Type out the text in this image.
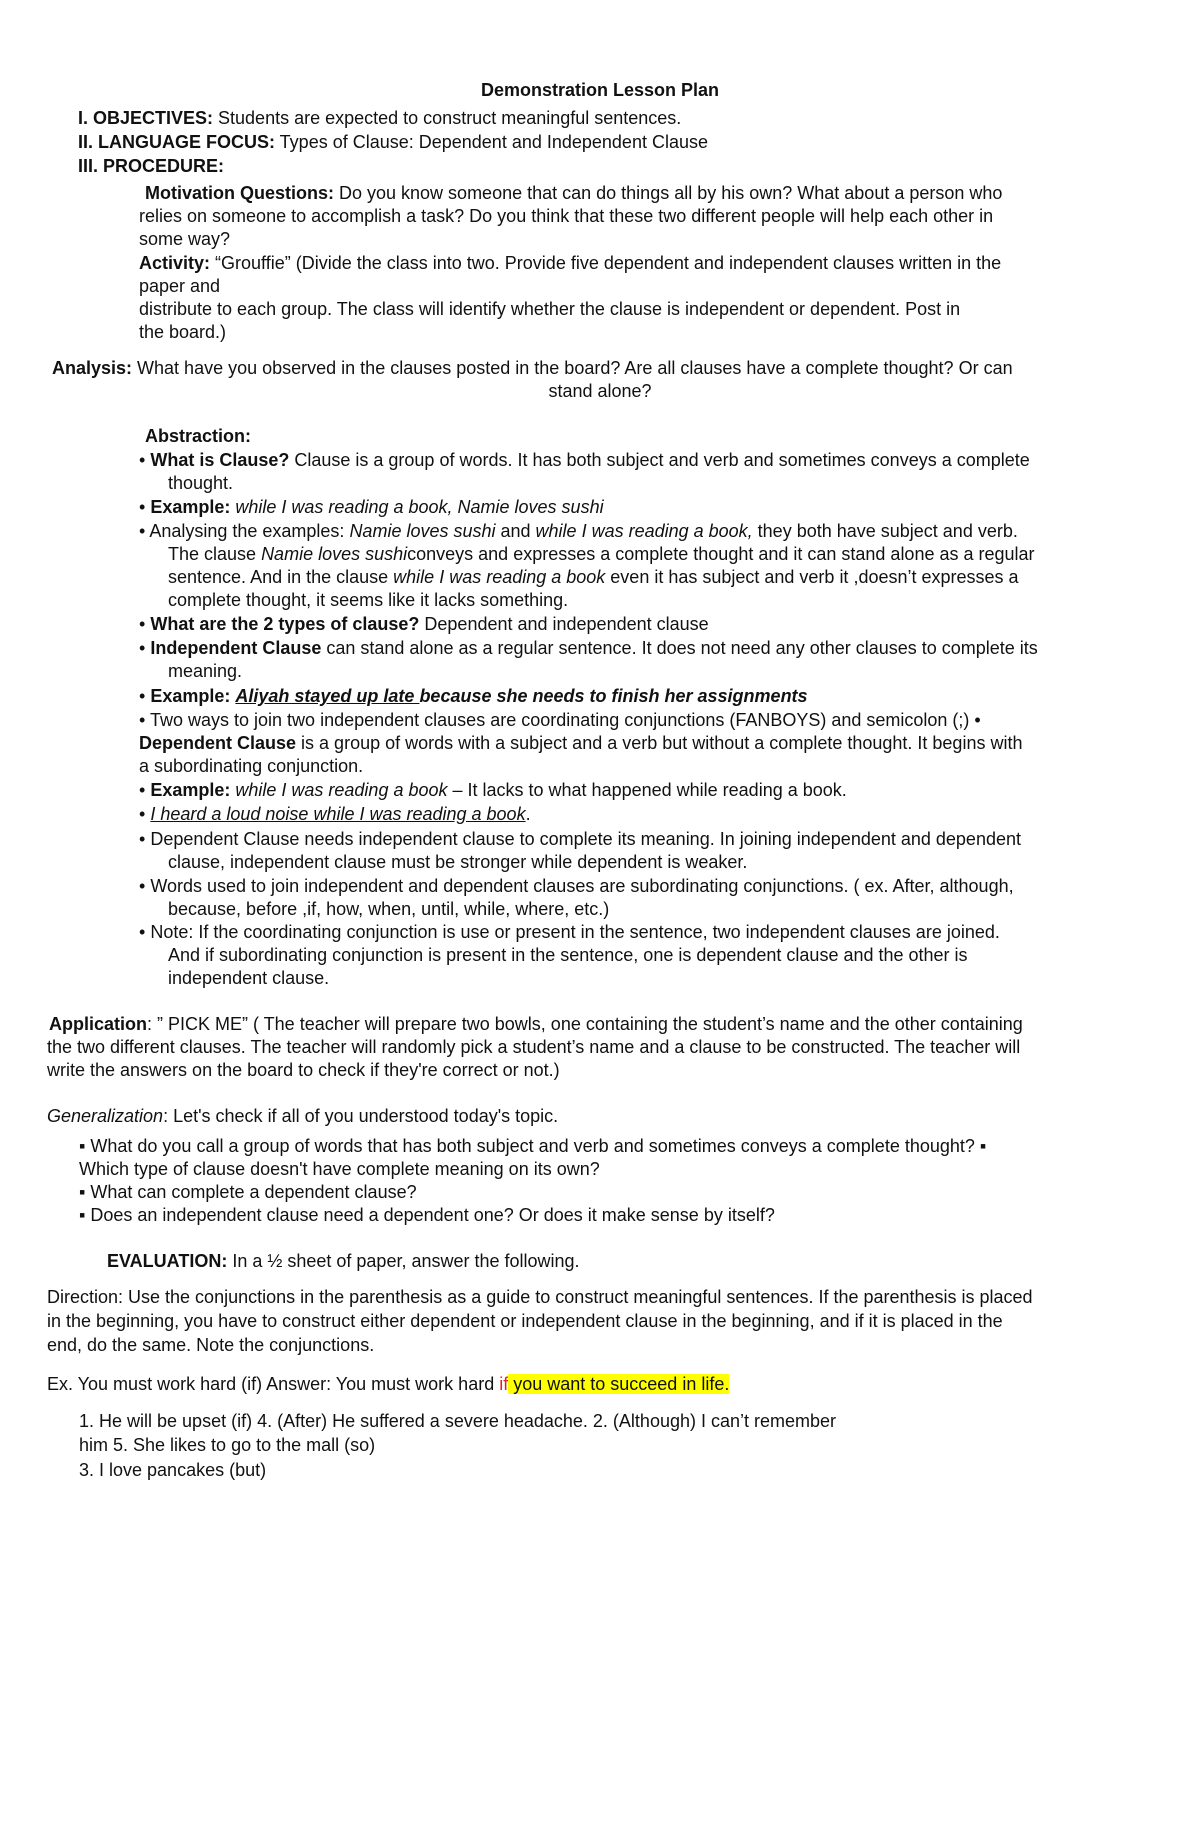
Demonstration Lesson Plan
I. OBJECTIVES: Students are expected to construct meaningful sentences.
II. LANGUAGE FOCUS: Types of Clause: Dependent and Independent Clause
III. PROCEDURE:
Motivation Questions: Do you know someone that can do things all by his own? What about a person who
relies on someone to accomplish a task? Do you think that these two different people will help each other in
some way?
Activity: “Grouffie” (Divide the class into two. Provide five dependent and independent clauses written in the
paper and
distribute to each group. The class will identify whether the clause is independent or dependent. Post in
the board.)
Analysis: What have you observed in the clauses posted in the board? Are all clauses have a complete thought? Or can
stand alone?
Abstraction:
• What is Clause? Clause is a group of words. It has both subject and verb and sometimes conveys a complete
thought.
• Example: while I was reading a book, Namie loves sushi
• Analysing the examples: Namie loves sushi and while I was reading a book, they both have subject and verb.
The clause Namie loves sushiconveys and expresses a complete thought and it can stand alone as a regular
sentence. And in the clause while I was reading a book even it has subject and verb it ,doesn’t expresses a
complete thought, it seems like it lacks something.
• What are the 2 types of clause? Dependent and independent clause
• Independent Clause can stand alone as a regular sentence. It does not need any other clauses to complete its
meaning.
• Example: Aliyah stayed up late because she needs to finish her assignments
• Two ways to join two independent clauses are coordinating conjunctions (FANBOYS) and semicolon (;) •
Dependent Clause is a group of words with a subject and a verb but without a complete thought. It begins with
a subordinating conjunction.
• Example: while I was reading a book – It lacks to what happened while reading a book.
• I heard a loud noise while I was reading a book.
• Dependent Clause needs independent clause to complete its meaning. In joining independent and dependent
clause, independent clause must be stronger while dependent is weaker.
• Words used to join independent and dependent clauses are subordinating conjunctions. ( ex. After, although,
because, before ,if, how, when, until, while, where, etc.)
• Note: If the coordinating conjunction is use or present in the sentence, two independent clauses are joined.
And if subordinating conjunction is present in the sentence, one is dependent clause and the other is
independent clause.
Application: ” PICK ME” ( The teacher will prepare two bowls, one containing the student’s name and the other containing
the two different clauses. The teacher will randomly pick a student’s name and a clause to be constructed. The teacher will
write the answers on the board to check if they're correct or not.)
Generalization: Let's check if all of you understood today's topic.
▪ What do you call a group of words that has both subject and verb and sometimes conveys a complete thought? ▪
Which type of clause doesn't have complete meaning on its own?
▪ What can complete a dependent clause?
▪ Does an independent clause need a dependent one? Or does it make sense by itself?
EVALUATION: In a ½ sheet of paper, answer the following.
Direction: Use the conjunctions in the parenthesis as a guide to construct meaningful sentences. If the parenthesis is placed
in the beginning, you have to construct either dependent or independent clause in the beginning, and if it is placed in the
end, do the same. Note the conjunctions.
Ex. You must work hard (if) Answer: You must work hard if you want to succeed in life.
1. He will be upset (if) 4. (After) He suffered a severe headache. 2. (Although) I can’t remember
him 5. She likes to go to the mall (so)
3. I love pancakes (but)
